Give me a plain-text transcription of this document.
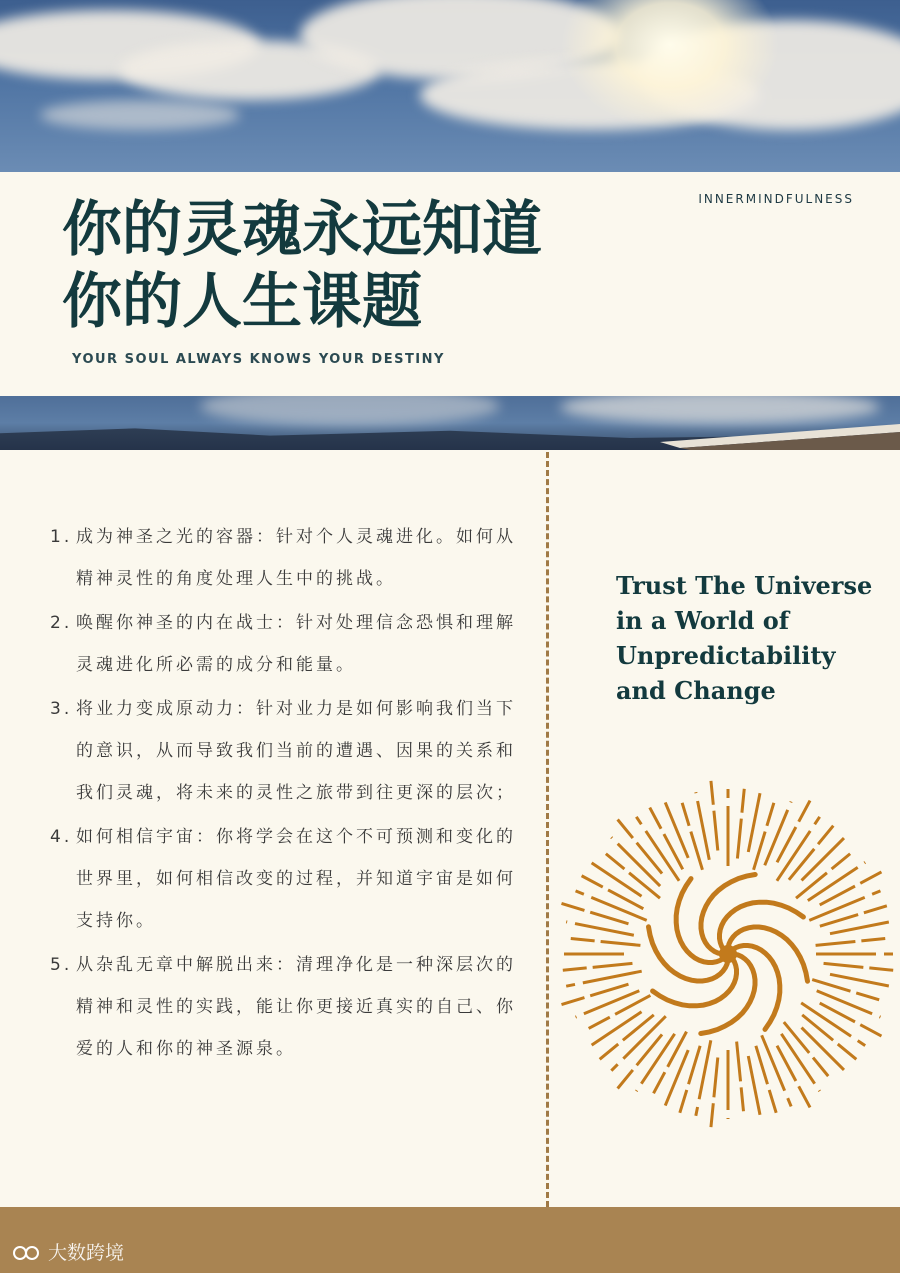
INNERMINDFULNESS
你的灵魂永远知道
你的人生课题
YOUR SOUL ALWAYS KNOWS YOUR DESTINY
1. 成为神圣之光的容器：针对个人灵魂进化。如何从精神灵性的角度处理人生中的挑战。
2. 唤醒你神圣的内在战士：针对处理信念恐惧和理解灵魂进化所必需的成分和能量。
3. 将业力变成原动力：针对业力是如何影响我们当下的意识，从而导致我们当前的遭遇、因果的关系和我们灵魂，将未来的灵性之旅带到往更深的层次；
4. 如何相信宇宙：你将学会在这个不可预测和变化的世界里，如何相信改变的过程，并知道宇宙是如何支持你。
5. 从杂乱无章中解脱出来：清理净化是一种深层次的精神和灵性的实践，能让你更接近真实的自己、你爱的人和你的神圣源泉。
Trust The Universe
in a World of
Unpredictability
and Change
大数跨境
